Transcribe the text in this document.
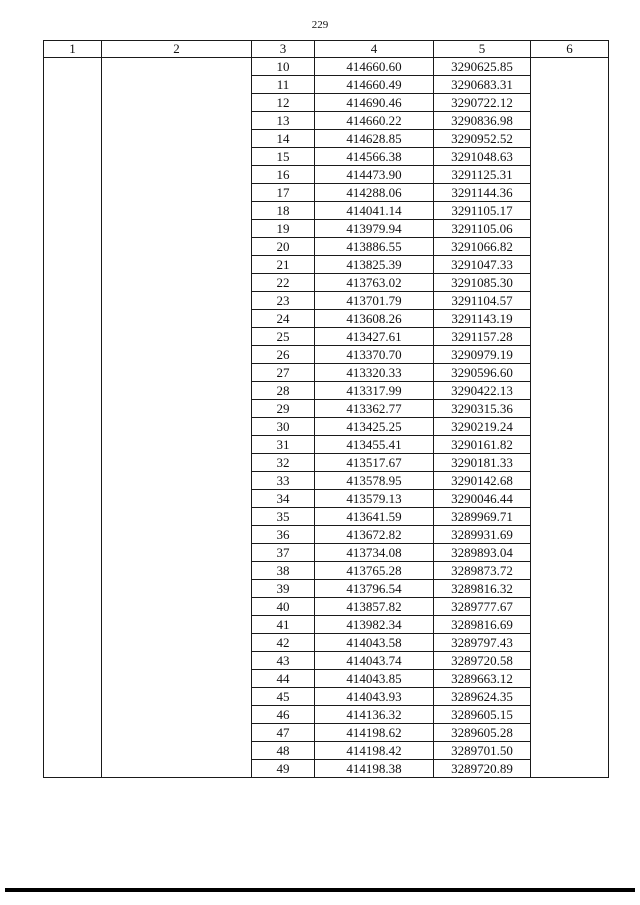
229
1	2	3	4	5	6
		10	414660.60	3290625.85	
		11	414660.49	3290683.31	
		12	414690.46	3290722.12	
		13	414660.22	3290836.98	
		14	414628.85	3290952.52	
		15	414566.38	3291048.63	
		16	414473.90	3291125.31	
		17	414288.06	3291144.36	
		18	414041.14	3291105.17	
		19	413979.94	3291105.06	
		20	413886.55	3291066.82	
		21	413825.39	3291047.33	
		22	413763.02	3291085.30	
		23	413701.79	3291104.57	
		24	413608.26	3291143.19	
		25	413427.61	3291157.28	
		26	413370.70	3290979.19	
		27	413320.33	3290596.60	
		28	413317.99	3290422.13	
		29	413362.77	3290315.36	
		30	413425.25	3290219.24	
		31	413455.41	3290161.82	
		32	413517.67	3290181.33	
		33	413578.95	3290142.68	
		34	413579.13	3290046.44	
		35	413641.59	3289969.71	
		36	413672.82	3289931.69	
		37	413734.08	3289893.04	
		38	413765.28	3289873.72	
		39	413796.54	3289816.32	
		40	413857.82	3289777.67	
		41	413982.34	3289816.69	
		42	414043.58	3289797.43	
		43	414043.74	3289720.58	
		44	414043.85	3289663.12	
		45	414043.93	3289624.35	
		46	414136.32	3289605.15	
		47	414198.62	3289605.28	
		48	414198.42	3289701.50	
		49	414198.38	3289720.89	
